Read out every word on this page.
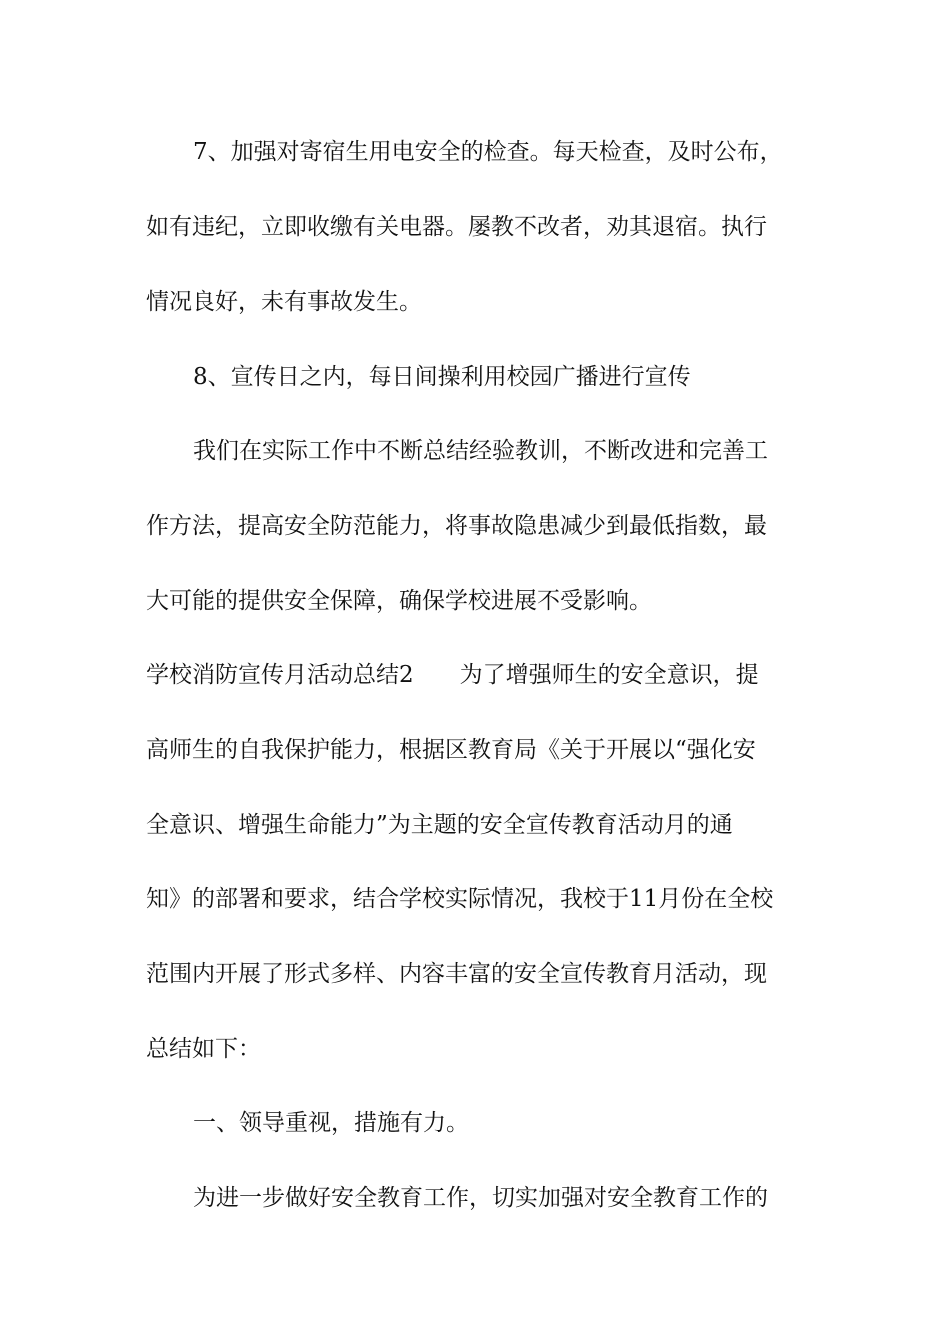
7、加强对寄宿生用电安全的检查。每天检查，及时公布，
如有违纪，立即收缴有关电器。屡教不改者，劝其退宿。执行
情况良好，未有事故发生。
8、宣传日之内，每日间操利用校园广播进行宣传
我们在实际工作中不断总结经验教训，不断改进和完善工
作方法，提高安全防范能力，将事故隐患减少到最低指数，最
大可能的提供安全保障，确保学校进展不受影响。
学校消防宣传月活动总结2 为了增强师生的安全意识，提
高师生的自我保护能力，根据区教育局《关于开展以“强化安
全意识、增强生命能力”为主题的安全宣传教育活动月的通
知》的部署和要求，结合学校实际情况，我校于11月份在全校
范围内开展了形式多样、内容丰富的安全宣传教育月活动，现
总结如下：
一、领导重视，措施有力。
为进一步做好安全教育工作，切实加强对安全教育工作的
